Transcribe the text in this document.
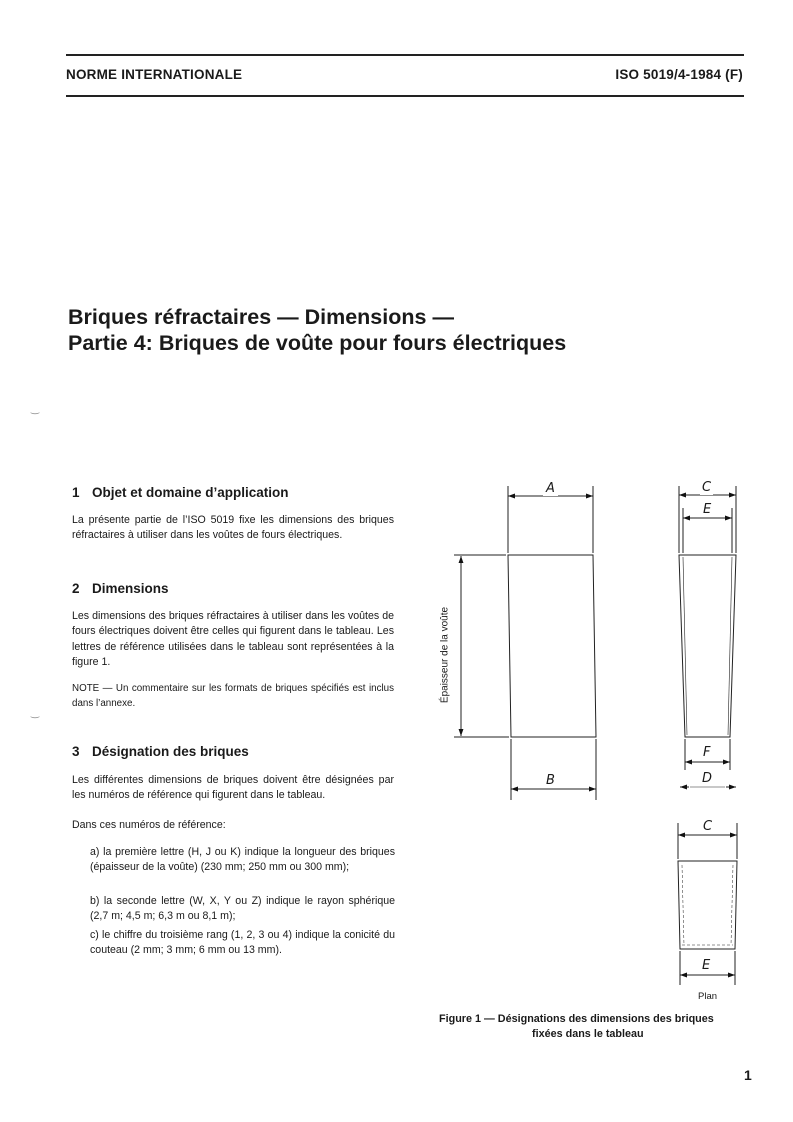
NORME INTERNATIONALE	ISO 5019/4-1984 (F)
Briques réfractaires — Dimensions —
Partie 4: Briques de voûte pour fours électriques
‿
‿
1 Objet et domaine d’application
La présente partie de l’ISO 5019 fixe les dimensions des briques réfractaires à utiliser dans les voûtes de fours électriques.
2 Dimensions
Les dimensions des briques réfractaires à utiliser dans les voûtes de fours électriques doivent être celles qui figurent dans le tableau. Les lettres de référence utilisées dans le tableau sont représentées à la figure 1.
NOTE — Un commentaire sur les formats de briques spécifiés est inclus dans l’annexe.
3 Désignation des briques
Les différentes dimensions de briques doivent être désignées par les numéros de référence qui figurent dans le tableau.
Dans ces numéros de référence:
a) la première lettre (H, J ou K) indique la longueur des briques (épaisseur de la voûte) (230 mm; 250 mm ou 300 mm);
b) la seconde lettre (W, X, Y ou Z) indique le rayon sphérique (2,7 m; 4,5 m; 6,3 m ou 8,1 m);
c) le chiffre du troisième rang (1, 2, 3 ou 4) indique la conicité du couteau (2 mm; 3 mm; 6 mm ou 13 mm).
A
B
C
E
F
D
C
E
Épaisseur de la voûte
Plan
Figure 1 — Désignations des dimensions des briques
fixées dans le tableau
1
